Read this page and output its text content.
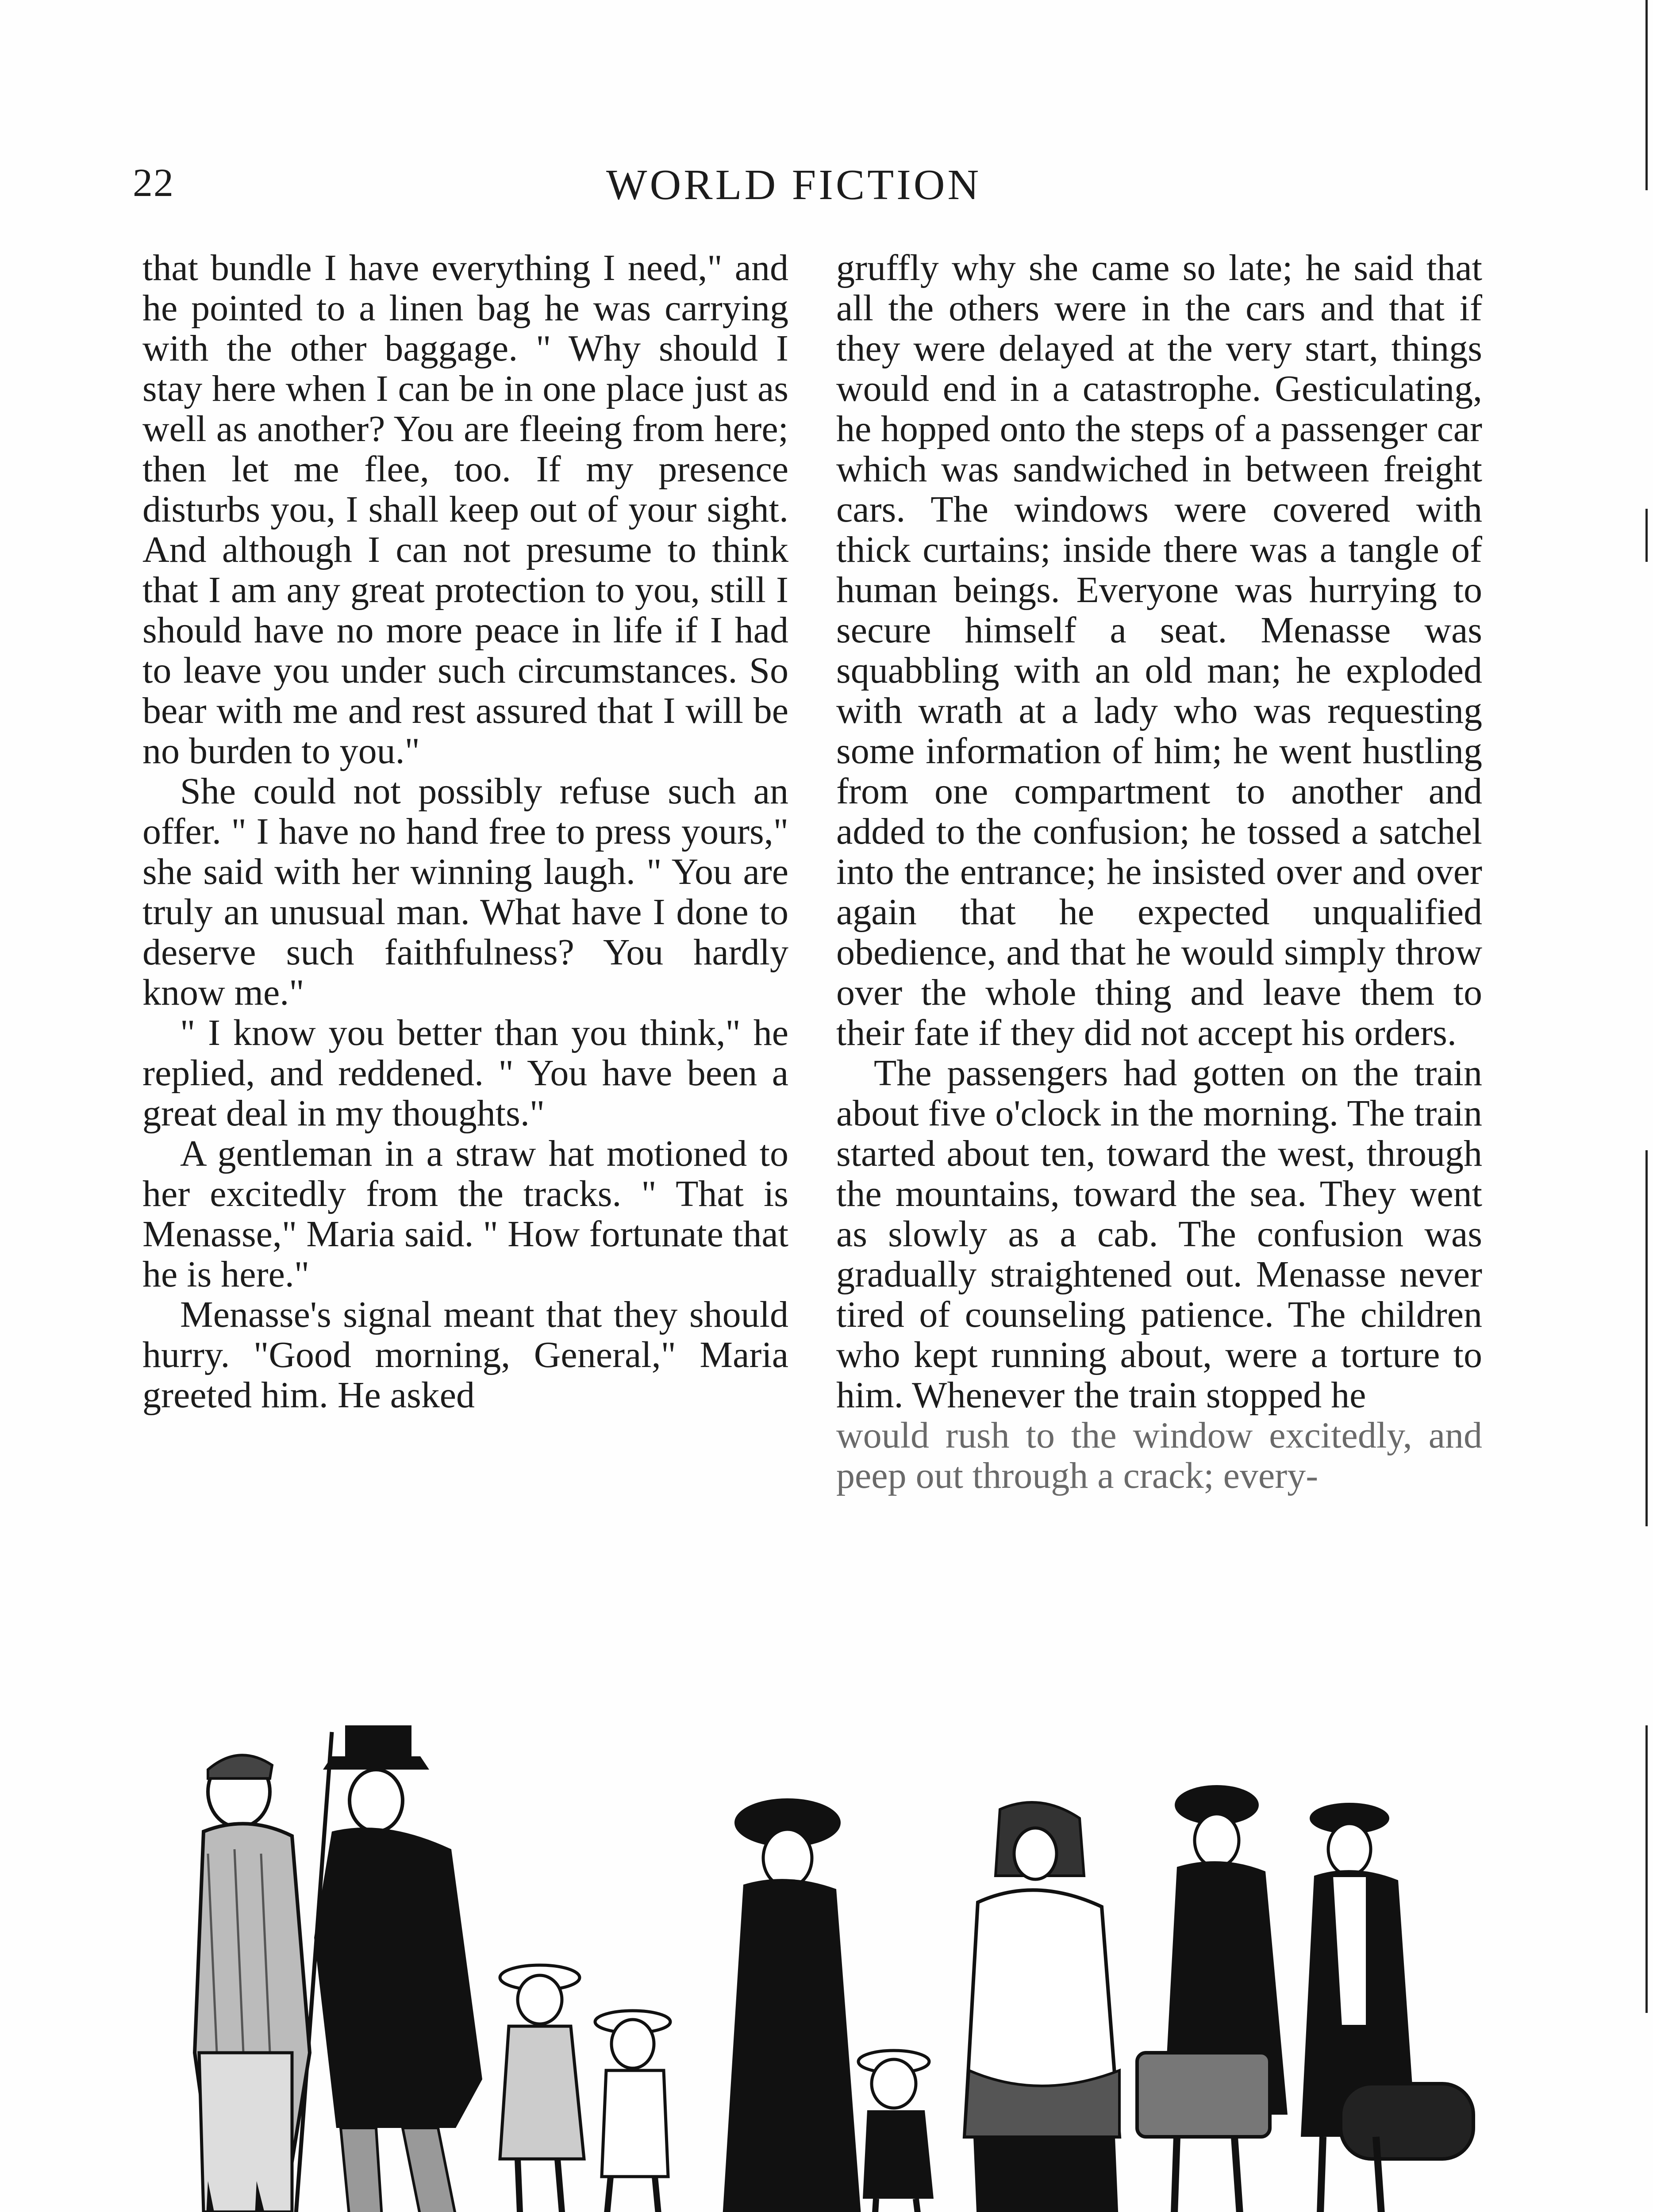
22	WORLD FICTION

that bundle I have everything I need," and he pointed to a linen bag he was carrying with the other baggage. " Why should I stay here when I can be in one place just as well as another? You are fleeing from here; then let me flee, too. If my presence disturbs you, I shall keep out of your sight. And although I can not presume to think that I am any great protection to you, still I should have no more peace in life if I had to leave you under such circumstances. So bear with me and rest assured that I will be no burden to you."

She could not possibly refuse such an offer. " I have no hand free to press yours," she said with her winning laugh. " You are truly an unusual man. What have I done to deserve such faithfulness? You hardly know me."

" I know you better than you think," he replied, and reddened. " You have been a great deal in my thoughts."

A gentleman in a straw hat motioned to her excitedly from the tracks. " That is Menasse," Maria said. " How fortunate that he is here."

Menasse's signal meant that they should hurry. "Good morning, General," Maria greeted him. He asked

gruffly why she came so late; he said that all the others were in the cars and that if they were delayed at the very start, things would end in a catastrophe. Gesticulating, he hopped onto the steps of a passenger car which was sandwiched in between freight cars. The windows were covered with thick curtains; inside there was a tangle of human beings. Everyone was hurrying to secure himself a seat. Menasse was squabbling with an old man; he exploded with wrath at a lady who was requesting some information of him; he went hustling from one compartment to another and added to the confusion; he tossed a satchel into the entrance; he insisted over and over again that he expected unqualified obedience, and that he would simply throw over the whole thing and leave them to their fate if they did not accept his orders.

The passengers had gotten on the train about five o'clock in the morning. The train started about ten, toward the west, through the mountains, toward the sea. They went as slowly as a cab. The confusion was gradually straightened out. Menasse never tired of counseling patience. The children who kept running about, were a torture to him. Whenever the train stopped he

would rush to the window excitedly, and peep out through a crack; every-
